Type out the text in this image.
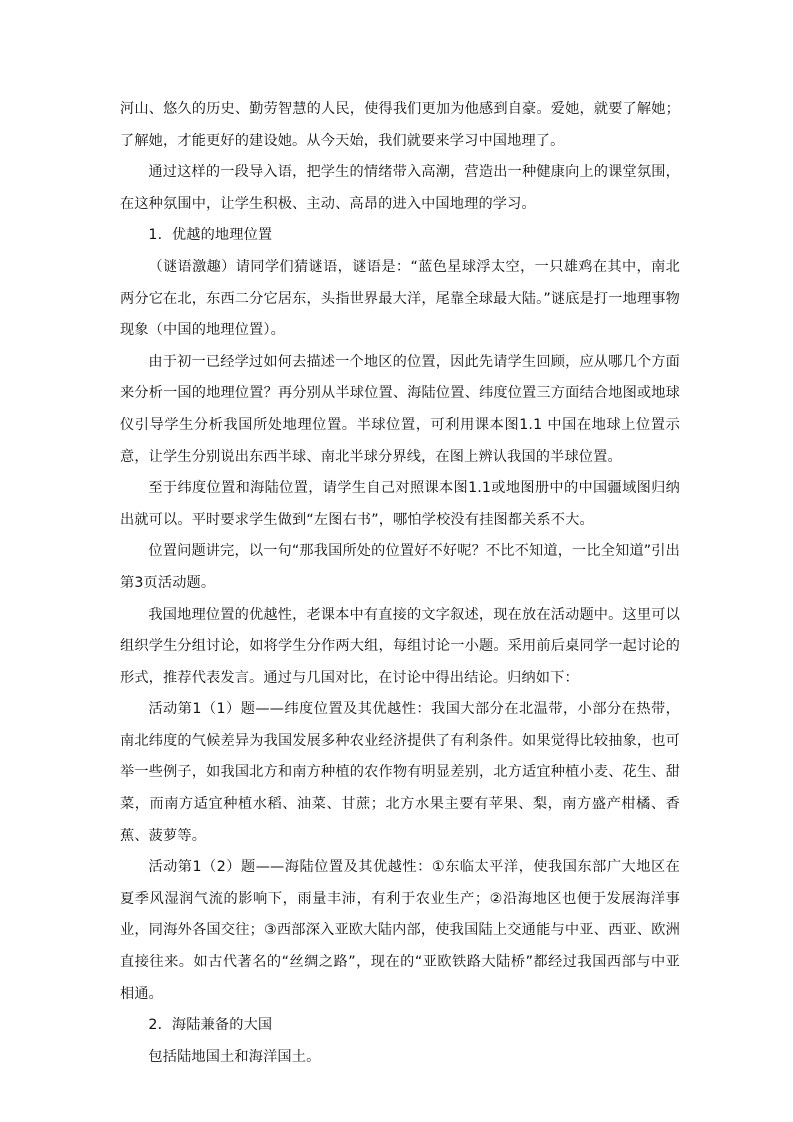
河山、悠久的历史、勤劳智慧的人民，使得我们更加为他感到自豪。爱她，就要了解她；了解她，才能更好的建设她。从今天始，我们就要来学习中国地理了。

通过这样的一段导入语，把学生的情绪带入高潮，营造出一种健康向上的课堂氛围，在这种氛围中，让学生积极、主动、高昂的进入中国地理的学习。

1．优越的地理位置

（谜语激趣）请同学们猜谜语，谜语是：“蓝色星球浮太空，一只雄鸡在其中，南北两分它在北，东西二分它居东，头指世界最大洋，尾靠全球最大陆。”谜底是打一地理事物现象（中国的地理位置）。

由于初一已经学过如何去描述一个地区的位置，因此先请学生回顾，应从哪几个方面来分析一国的地理位置？再分别从半球位置、海陆位置、纬度位置三方面结合地图或地球仪引导学生分析我国所处地理位置。半球位置，可利用课本图1.1 中国在地球上位置示意，让学生分别说出东西半球、南北半球分界线，在图上辨认我国的半球位置。

至于纬度位置和海陆位置，请学生自己对照课本图1.1或地图册中的中国疆域图归纳出就可以。平时要求学生做到“左图右书”，哪怕学校没有挂图都关系不大。

位置问题讲完，以一句“那我国所处的位置好不好呢？不比不知道，一比全知道”引出第3页活动题。

我国地理位置的优越性，老课本中有直接的文字叙述，现在放在活动题中。这里可以组织学生分组讨论，如将学生分作两大组，每组讨论一小题。采用前后桌同学一起讨论的形式，推荐代表发言。通过与几国对比，在讨论中得出结论。归纳如下：

活动第1（1）题——纬度位置及其优越性：我国大部分在北温带，小部分在热带，南北纬度的气候差异为我国发展多种农业经济提供了有利条件。如果觉得比较抽象，也可举一些例子，如我国北方和南方种植的农作物有明显差别，北方适宜种植小麦、花生、甜菜，而南方适宜种植水稻、油菜、甘蔗；北方水果主要有苹果、梨，南方盛产柑橘、香蕉、菠萝等。

活动第1（2）题——海陆位置及其优越性：①东临太平洋，使我国东部广大地区在夏季风湿润气流的影响下，雨量丰沛，有利于农业生产；②沿海地区也便于发展海洋事业，同海外各国交往；③西部深入亚欧大陆内部，使我国陆上交通能与中亚、西亚、欧洲直接往来。如古代著名的“丝绸之路”，现在的“亚欧铁路大陆桥”都经过我国西部与中亚相通。

2．海陆兼备的大国

包括陆地国土和海洋国土。
